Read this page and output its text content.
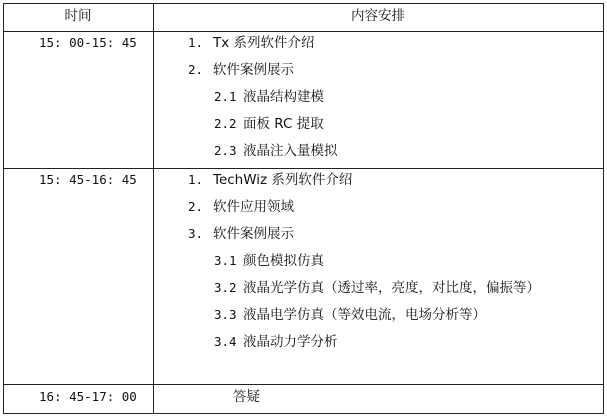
时间	内容安排
15: 00-15: 45	1. Tx 系列软件介绍
2. 软件案例展示
2.1 液晶结构建模
2.2 面板 RC 提取
2.3 液晶注入量模拟
15: 45-16: 45	1. TechWiz 系列软件介绍
2. 软件应用领域
3. 软件案例展示
3.1 颜色模拟仿真
3.2 液晶光学仿真（透过率，亮度，对比度，偏振等）
3.3 液晶电学仿真（等效电流，电场分析等）
3.4 液晶动力学分析
16: 45-17: 00	答疑
